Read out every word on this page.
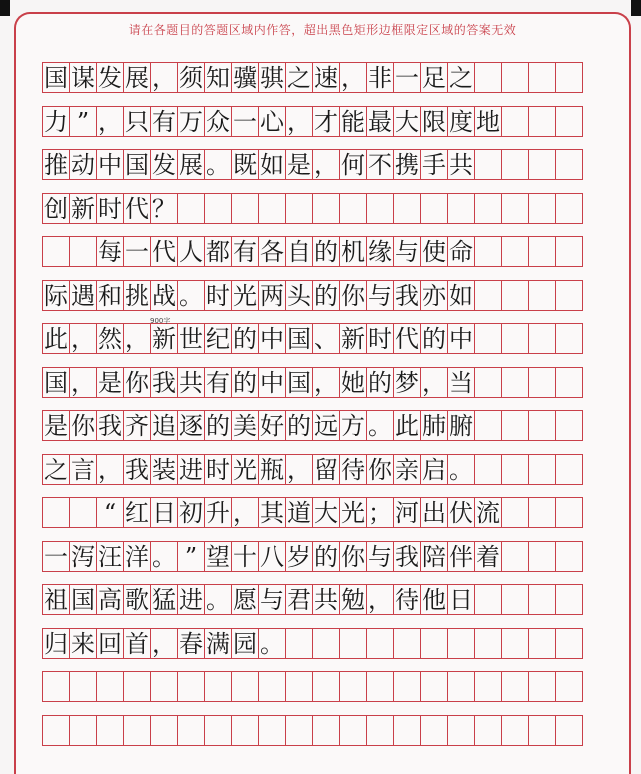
请在各题目的答题区域内作答，超出黑色矩形边框限定区域的答案无效
国 谋 发 展 ， 须 知 骥 骐 之 速 ， 非 一 足 之
力 ” ， 只 有 万 众 一 心 ， 才 能 最 大 限 度 地
推 动 中 国 发 展 。 既 如 是 ， 何 不 携 手 共
创 新 时 代 ？

每 一 代 人 都 有 各 自 的 机 缘 与 使 命
际 遇 和 挑 战 。 时 光 两 头 的 你 与 我 亦 如
此 ， 然 ， 新 世 纪 的 中 国 、 新 时 代 的 中
国 ， 是 你 我 共 有 的 中 国 ， 她 的 梦 ， 当
是 你 我 齐 追 逐 的 美 好 的 远 方 。 此 肺 腑
之 言 ， 我 装 进 时 光 瓶 ， 留 待 你 亲 启 。

“ 红 日 初 升 ， 其 道 大 光 ； 河 出 伏 流
一 泻 汪 洋 。 ” 望 十 八 岁 的 你 与 我 陪 伴 着
祖 国 高 歌 猛 进 。 愿 与 君 共 勉 ， 待 他 日
归 来 回 首 ， 春 满 园 。
900字
